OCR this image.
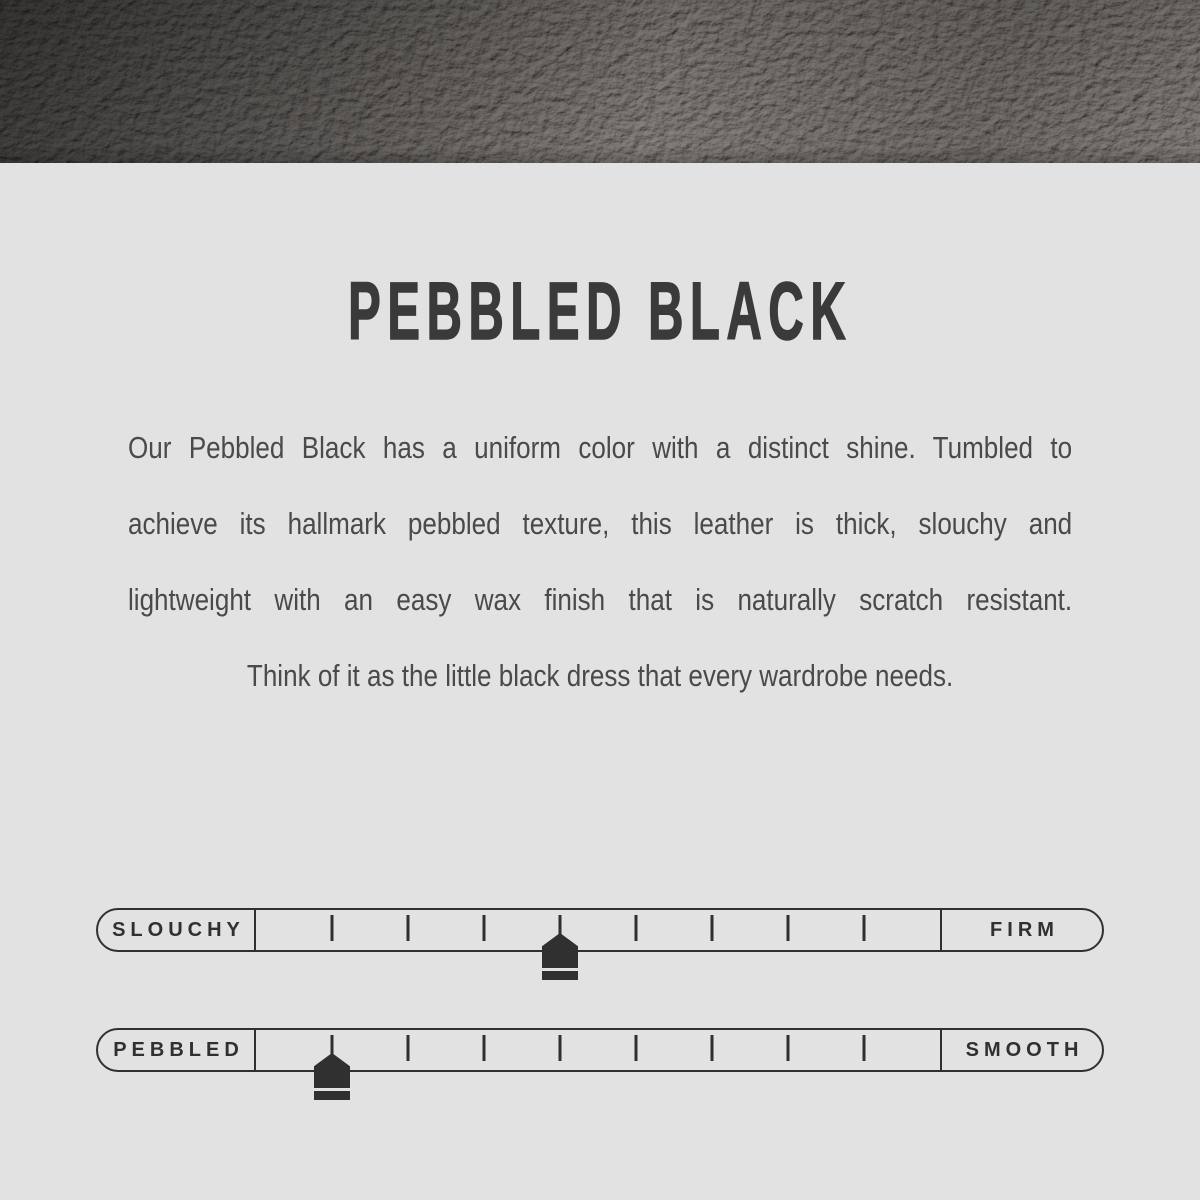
PEBBLED BLACK
Our Pebbled Black has a uniform color with a distinct shine. Tumbled to
achieve its hallmark pebbled texture, this leather is thick, slouchy and
lightweight with an easy wax finish that is naturally scratch resistant.
Think of it as the little black dress that every wardrobe needs.
SLOUCHY	FIRM
PEBBLED	SMOOTH
